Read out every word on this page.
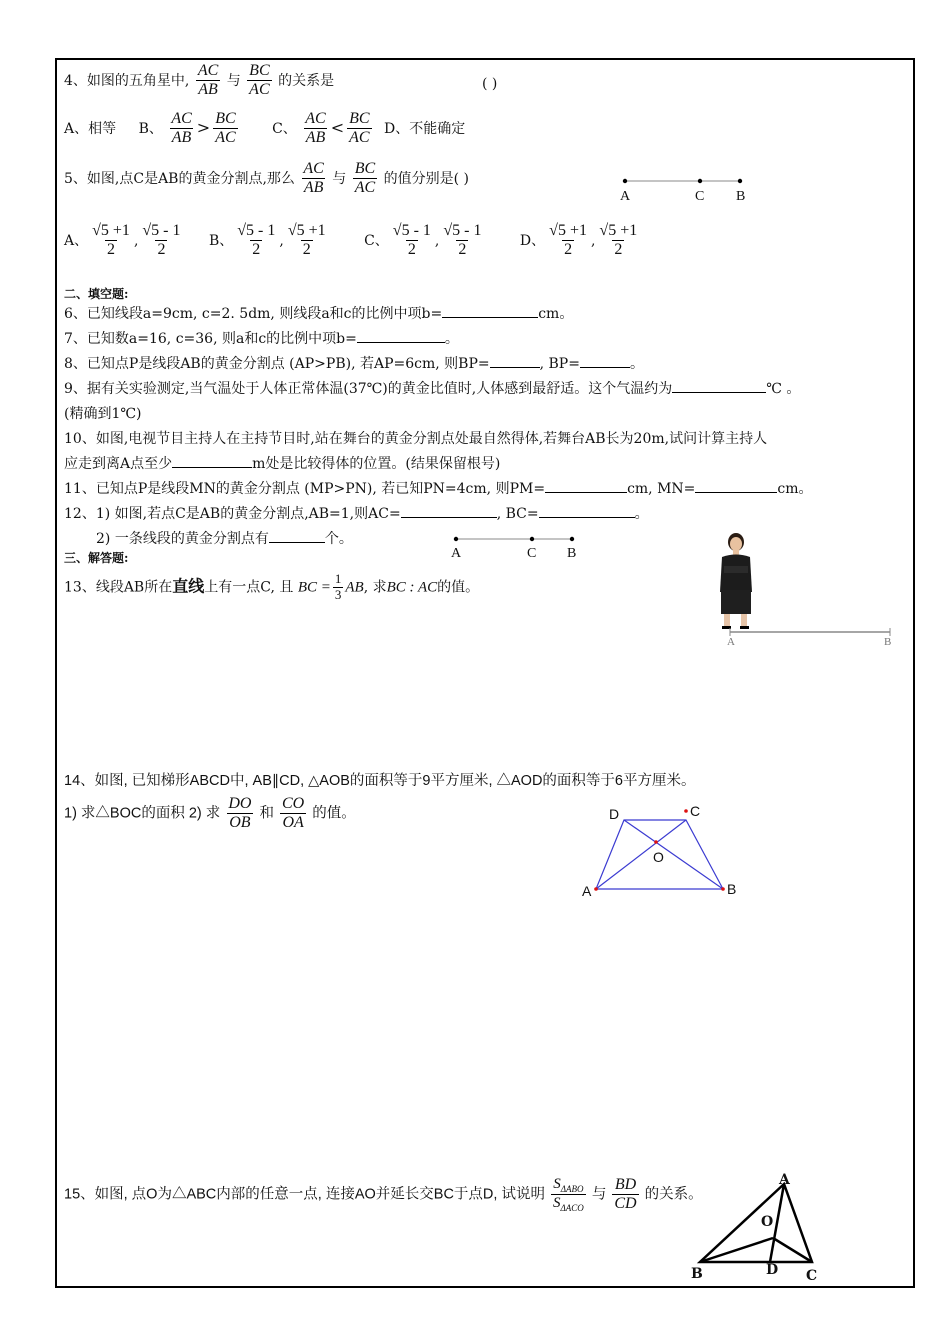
4、如图的五角星中, $\frac{AC}{AB}$ 与 $\frac{BC}{AC}$ 的关系是	( )
A、相等 B、 $\frac{AC}{AB} > \frac{BC}{AC}$ C、 $\frac{AC}{AB} < \frac{BC}{AC}$ D、不能确定
5、如图,点C是AB的黄金分割点,那么 $\frac{AC}{AB}$ 与 $\frac{BC}{AC}$ 的值分别是( )
A	C B
A、 $\frac{√5 +1}{2}$ , $\frac{√5 - 1}{2}$ B、 $\frac{√5 - 1}{2}$ , $\frac{√5 +1}{2}$	C、 $\frac{√5 - 1}{2}$ , $\frac{√5 - 1}{2}$	D、 $\frac{√5 +1}{2}$ , $\frac{√5 +1}{2}$
二、填空题:
6、已知线段a=9cm, c=2. 5dm, 则线段a和c的比例中项b=	cm。
7、已知数a=16, c=36, 则a和c的比例中项b=	。
8、已知点P是线段AB的黄金分割点 (AP>PB), 若AP=6cm, 则BP=	, BP=	。
9、据有关实验测定,当气温处于人体正常体温(37℃)的黄金比值时,人体感到最舒适。这个气温约为	℃ 。
(精确到1℃)
10、如图,电视节目主持人在主持节目时,站在舞台的黄金分割点处最自然得体,若舞台AB长为20m,试问计算主持人
应走到离A点至少	m处是比较得体的位置。(结果保留根号)
11、已知点P是线段MN的黄金分割点 (MP>PN), 若已知PN=4cm, 则PM=	cm, MN=	cm。
12、1) 如图,若点C是AB的黄金分割点,AB=1,则AC=	, BC=	。
2) 一条线段的黄金分割点有	个。
A	C B
三、解答题:
13、线段AB所在直线上有一点C, 且 BC = $\frac{1}{3}$ AB, 求BC : AC的值。
A	B
14、如图, 已知梯形ABCD中, AB∥CD, △AOB的面积等于9平方厘米, △AOD的面积等于6平方厘米。
1) 求△BOC的面积 2) 求 $\frac{DO}{OB}$ 和 $\frac{CO}{OA}$ 的值。	D	C
O
A	B
15、如图, 点O为△ABC内部的任意一点, 连接AO并延长交BC于点D, 试说明 $\frac{S_{\Delta ABO}}{S_{\Delta ACO}}$ 与 $\frac{BD}{CD}$ 的关系。
A
O
B	D C
